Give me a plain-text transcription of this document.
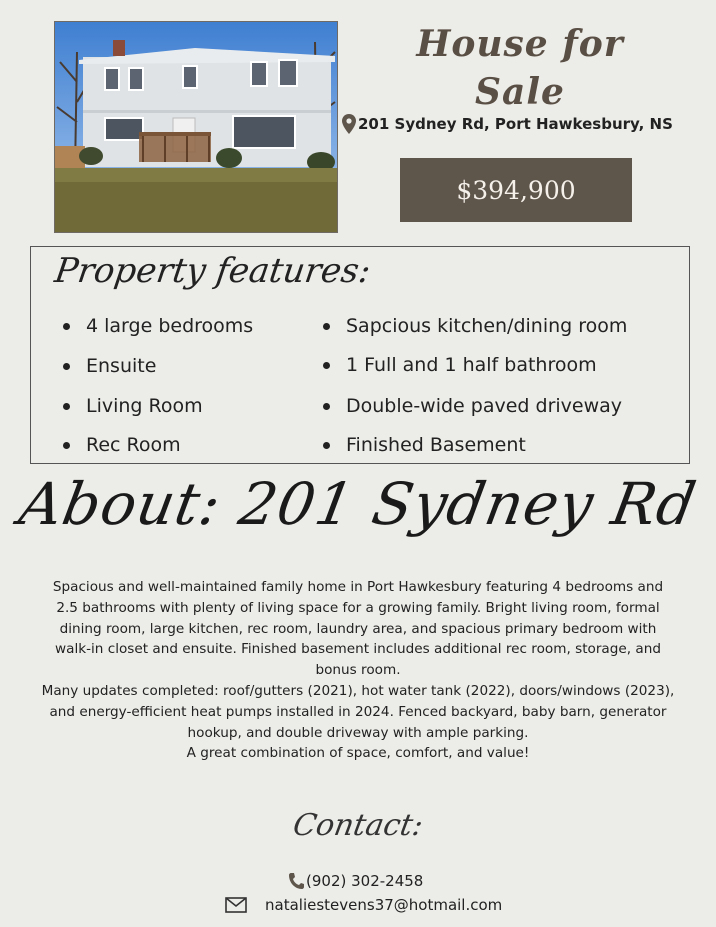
House for Sale
201 Sydney Rd, Port Hawkesbury, NS
$394,900
Property features:
4 large bedrooms
Ensuite
Living Room
Rec Room
Sapcious kitchen/dining room
1 Full and 1 half bathroom
Double-wide paved driveway
Finished Basement
About: 201 Sydney Rd

Spacious and well-maintained family home in Port Hawkesbury featuring 4 bedrooms and 2.5 bathrooms with plenty of living space for a growing family. Bright living room, formal dining room, large kitchen, rec room, laundry area, and spacious primary bedroom with walk-in closet and ensuite. Finished basement includes additional rec room, storage, and bonus room.

Many updates completed: roof/gutters (2021), hot water tank (2022), doors/windows (2023), and energy-efficient heat pumps installed in 2024. Fenced backyard, baby barn, generator hookup, and double driveway with ample parking.

A great combination of space, comfort, and value!

Contact:
(902) 302-2458
nataliestevens37@hotmail.com
